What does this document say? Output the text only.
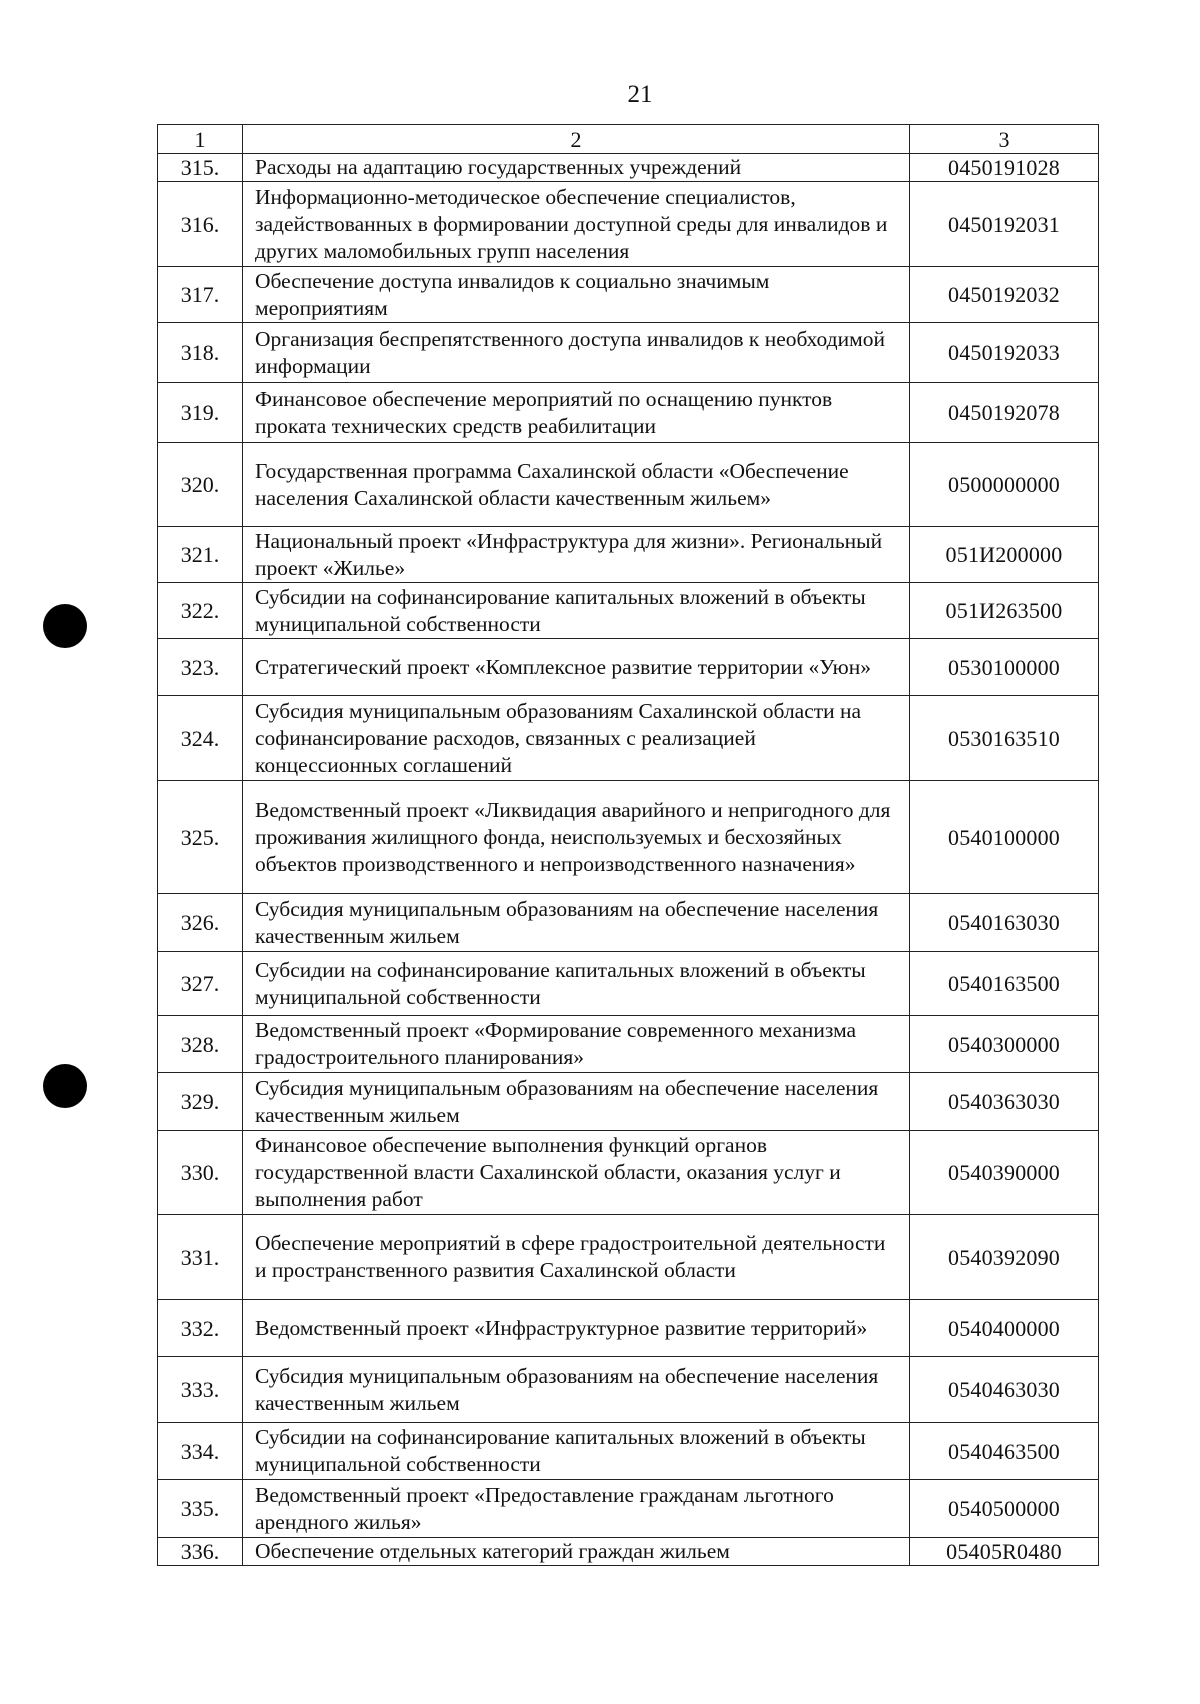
21
1	2	3
315.	Расходы на адаптацию государственных учреждений	0450191028
316.	Информационно-методическое обеспечение специалистов, задействованных в формировании доступной среды для инвалидов и других маломобильных групп населения	0450192031
317.	Обеспечение доступа инвалидов к социально значимым мероприятиям	0450192032
318.	Организация беспрепятственного доступа инвалидов к необходимой информации	0450192033
319.	Финансовое обеспечение мероприятий по оснащению пунктов проката технических средств реабилитации	0450192078
320.	Государственная программа Сахалинской области «Обеспечение населения Сахалинской области качественным жильем»	0500000000
321.	Национальный проект «Инфраструктура для жизни». Региональный проект «Жилье»	051И200000
322.	Субсидии на софинансирование капитальных вложений в объекты муниципальной собственности	051И263500
323.	Стратегический проект «Комплексное развитие территории «Уюн»	0530100000
324.	Субсидия муниципальным образованиям Сахалинской области на софинансирование расходов, связанных с реализацией концессионных соглашений	0530163510
325.	Ведомственный проект «Ликвидация аварийного и непригодного для проживания жилищного фонда, неиспользуемых и бесхозяйных объектов производственного и непроизводственного назначения»	0540100000
326.	Субсидия муниципальным образованиям на обеспечение населения качественным жильем	0540163030
327.	Субсидии на софинансирование капитальных вложений в объекты муниципальной собственности	0540163500
328.	Ведомственный проект «Формирование современного механизма градостроительного планирования»	0540300000
329.	Субсидия муниципальным образованиям на обеспечение населения качественным жильем	0540363030
330.	Финансовое обеспечение выполнения функций органов государственной власти Сахалинской области, оказания услуг и выполнения работ	0540390000
331.	Обеспечение мероприятий в сфере градостроительной деятельности и пространственного развития Сахалинской области	0540392090
332.	Ведомственный проект «Инфраструктурное развитие территорий»	0540400000
333.	Субсидия муниципальным образованиям на обеспечение населения качественным жильем	0540463030
334.	Субсидии на софинансирование капитальных вложений в объекты муниципальной собственности	0540463500
335.	Ведомственный проект «Предоставление гражданам льготного арендного жилья»	0540500000
336.	Обеспечение отдельных категорий граждан жильем	05405R0480
